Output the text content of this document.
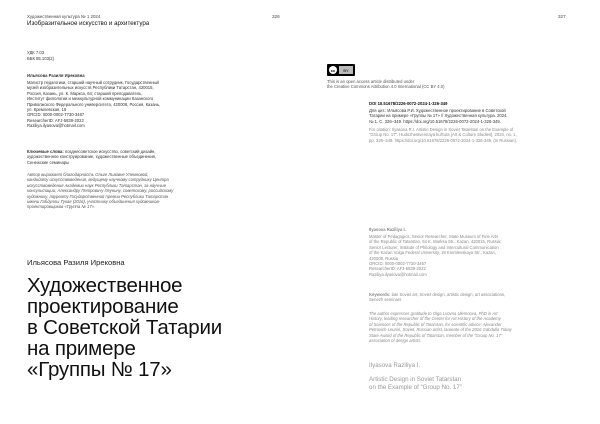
Художественная культура № 1 2024
Изобразительное искусство и архитектура
326
УДК 7.03
ББК 85.103(2)
Ильясова Разиля Ирековна
Магистр педагогики, старший научный сотрудник, Государственный
музей изобразительных искусств Республики Татарстан, 420015,
Россия, Казань, ул. К. Маркса, 64; старший преподаватель,
Институт филологии и межкультурной коммуникации Казанского
Приволжского Федерального университета, 420008, Россия, Казань,
ул. Кремлевская, 18
ORCID: 0000-0002-7730-3467
ResearcherID: AFJ-5839-2022
Raziliya.ilyasova@hotmail.com
Ключевые слова: позднесоветское искусство, советский дизайн,
художественное конструирование, художественные объединения,
Сенежские семинары
Автор выражает благодарность Ольге Львовне Улемновой,
кандидату искусствоведения, ведущему научному сотруднику Центра
искусствоведения Академии наук Республики Татарстан, за научные
консультации; Александру Петровичу Леунину, советскому, российскому
художнику, лауреату Государственной премии Республики Татарстан
имени Габдуллы Тукая (2016), участнику объединения художников-
проектировщиков «Группа № 17».
Ильясова Разиля Ирековна
Художественное
проектирование
в Советской Татарии
на примере
«Группы № 17»
327
cc	BY
This is an open access article distributed under
the Creative Commons Attribution 4.0 International (CC BY 4.0)
DOI 10.51678/2226-0072-2024-1-326-349
Для цит.: Ильясова Р.И. Художественное проектирование в Советской
Татарии на примере «Группы № 17» // Художественная культура. 2024.
№ 1. С. 326–349. https://doi.org/10.51678/2226-0072-2024-1-326-349.
For citation: Ilyasova R.I. Artistic Design in Soviet Tatarstan on the Example of
“Group No. 17”. Hudozhestvennaya kul'tura [Art & Culture Studies], 2024, no. 1,
pp. 326–349. https://doi.org/10.51678/2226-0072-2024-1-326-349. (In Russian).
Ilyasova Raziliya I.
Master of Pedagogics, Senior Researcher, State Museum of Fine Arts
of the Republic of Tatarstan, 64 K. Marksa Str., Kazan, 420015, Russia;
Senior Lecturer, Institute of Philology and Intercultural Communication
of the Kazan Volga Federal University, 18 Kremlevskaya Str., Kazan,
420008, Russia
ORCID: 0000-0002-7730-3467
ResearcherID: AFJ-5839-2022
Raziliya.ilyasova@hotmail.com
Keywords: late Soviet art, Soviet design, artistic design, art associations,
Senezh seminars
The author expresses gratitude to Olga Lvovna Ulemnova, PhD in Art
History, leading researcher of the Center for Art History of the Academy
of Sciences of the Republic of Tatarstan, for scientific advice; Alexander
Petrovich Leunin, Soviet, Russian artist, laureate of the 2016 Gabdulla Tukay
State Award of the Republic of Tatarstan, member of the “Group No. 17”
association of design artists.
Ilyasova Raziliya I.
Artistic Design in Soviet Tatarstan
on the Example of “Group No. 17”
